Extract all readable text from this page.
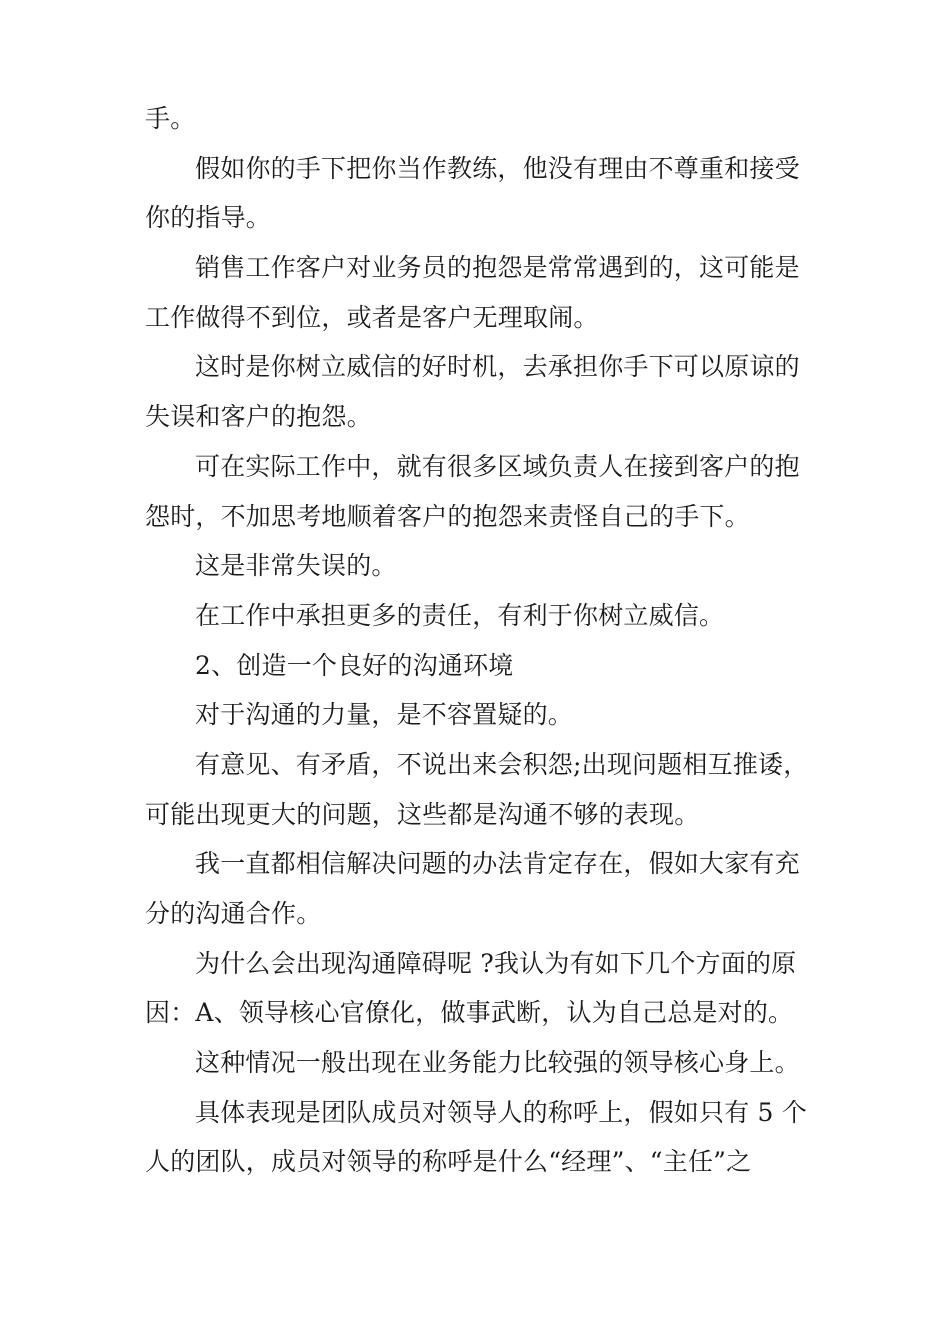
手。
假如你的手下把你当作教练，他没有理由不尊重和接受
你的指导。
销售工作客户对业务员的抱怨是常常遇到的，这可能是
工作做得不到位，或者是客户无理取闹。
这时是你树立威信的好时机，去承担你手下可以原谅的
失误和客户的抱怨。
可在实际工作中，就有很多区域负责人在接到客户的抱
怨时，不加思考地顺着客户的抱怨来责怪自己的手下。
这是非常失误的。
在工作中承担更多的责任，有利于你树立威信。
2、创造一个良好的沟通环境
对于沟通的力量，是不容置疑的。
有意见、有矛盾，不说出来会积怨;出现问题相互推诿，
可能出现更大的问题，这些都是沟通不够的表现。
我一直都相信解决问题的办法肯定存在，假如大家有充
分的沟通合作。
为什么会出现沟通障碍呢 ?我认为有如下几个方面的原
因：A、领导核心官僚化，做事武断，认为自己总是对的。
这种情况一般出现在业务能力比较强的领导核心身上。
具体表现是团队成员对领导人的称呼上，假如只有 5 个
人的团队，成员对领导的称呼是什么“经理”、“主任”之
